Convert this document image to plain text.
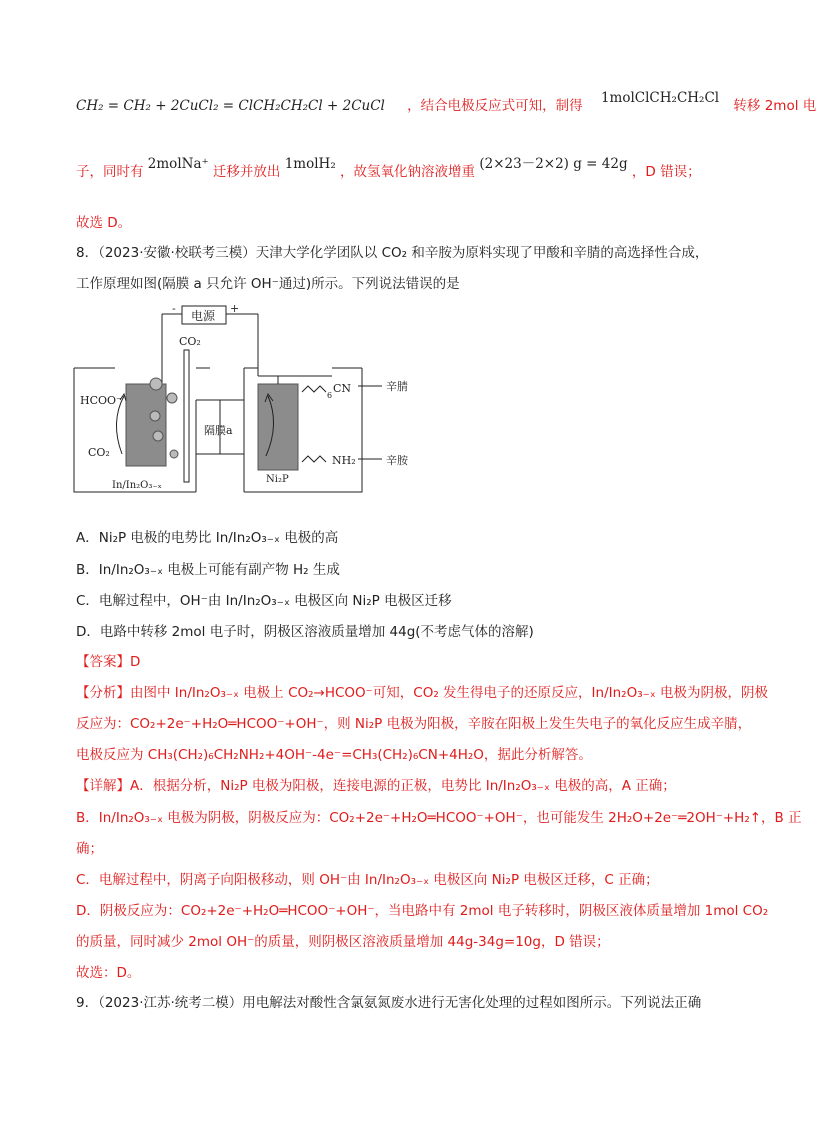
CH₂ = CH₂ + 2CuCl₂ = ClCH₂CH₂Cl + 2CuCl ，结合电极反应式可知，制得 1molClCH₂CH₂Cl 转移 2mol 电
子，同时有 2molNa⁺ 迁移并放出 1molH₂ ，故氢氧化钠溶液增重 (2×23－2×2) g = 42g ，D 错误；
故选 D。
8．（2023·安徽·校联考三模）天津大学化学团队以 CO₂ 和辛胺为原料实现了甲酸和辛腈的高选择性合成，
工作原理如图(隔膜 a 只允许 OH⁻通过)所示。下列说法错误的是
电源
-	+
CO₂
HCOO⁻
CO₂
In/In₂O₃₋ₓ
隔膜a
Ni₂P
6
CN	辛腈
NH₂	辛胺
A．Ni₂P 电极的电势比 In/In₂O₃₋ₓ 电极的高
B．In/In₂O₃₋ₓ 电极上可能有副产物 H₂ 生成
C．电解过程中，OH⁻由 In/In₂O₃₋ₓ 电极区向 Ni₂P 电极区迁移
D．电路中转移 2mol 电子时，阴极区溶液质量增加 44g(不考虑气体的溶解)
【答案】D
【分析】由图中 In/In₂O₃₋ₓ 电极上 CO₂→HCOO⁻可知，CO₂ 发生得电子的还原反应，In/In₂O₃₋ₓ 电极为阴极，阴极
反应为：CO₂+2e⁻+H₂O═HCOO⁻+OH⁻，则 Ni₂P 电极为阳极，辛胺在阳极上发生失电子的氧化反应生成辛腈，
电极反应为 CH₃(CH₂)₆CH₂NH₂+4OH⁻-4e⁻=CH₃(CH₂)₆CN+4H₂O，据此分析解答。
【详解】A．根据分析，Ni₂P 电极为阳极，连接电源的正极，电势比 In/In₂O₃₋ₓ 电极的高，A 正确；
B．In/In₂O₃₋ₓ 电极为阴极，阴极反应为：CO₂+2e⁻+H₂O═HCOO⁻+OH⁻，也可能发生 2H₂O+2e⁻═2OH⁻+H₂↑，B 正
确；
C．电解过程中，阴离子向阳极移动，则 OH⁻由 In/In₂O₃₋ₓ 电极区向 Ni₂P 电极区迁移，C 正确；
D．阴极反应为：CO₂+2e⁻+H₂O═HCOO⁻+OH⁻，当电路中有 2mol 电子转移时，阴极区液体质量增加 1mol CO₂
的质量，同时减少 2mol OH⁻的质量，则阴极区溶液质量增加 44g-34g=10g，D 错误；
故选：D。
9．（2023·江苏·统考二模）用电解法对酸性含氯氨氮废水进行无害化处理的过程如图所示。下列说法正确
